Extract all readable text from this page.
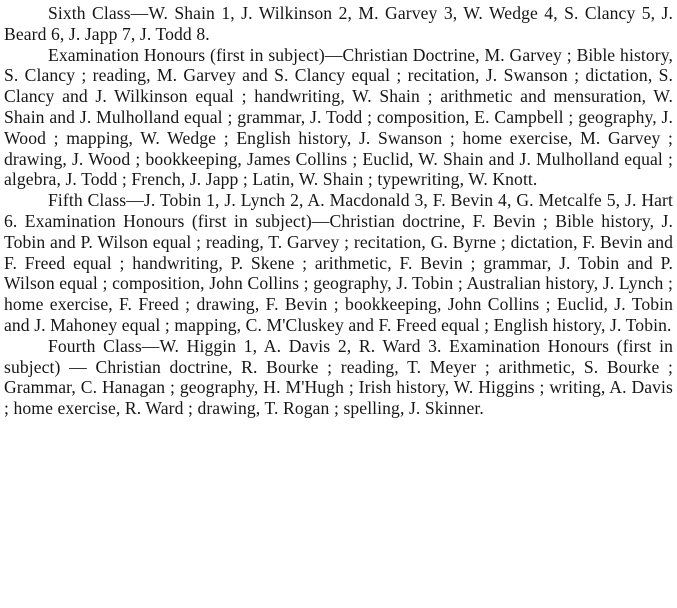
Sixth Class—W. Shain 1, J. Wilkinson 2, M. Garvey 3, W. Wedge 4, S. Clancy 5, J. Beard 6, J. Japp 7, J. Todd 8.

Examination Honours (first in subject)—Christian Doctrine, M. Garvey ; Bible history, S. Clancy ; reading, M. Garvey and S. Clancy equal ; recitation, J. Swanson ; dictation, S. Clancy and J. Wilkinson equal ; handwriting, W. Shain ; arithmetic and mensuration, W. Shain and J. Mulholland equal ; grammar, J. Todd ; composition, E. Campbell ; geography, J. Wood ; mapping, W. Wedge ; English history, J. Swanson ; home exercise, M. Garvey ; drawing, J. Wood ; bookkeeping, James Collins ; Euclid, W. Shain and J. Mulholland equal ; algebra, J. Todd ; French, J. Japp ; Latin, W. Shain ; typewriting, W. Knott.

Fifth Class—J. Tobin 1, J. Lynch 2, A. Macdonald 3, F. Bevin 4, G. Metcalfe 5, J. Hart 6. Examination Honours (first in subject)—Christian doctrine, F. Bevin ; Bible history, J. Tobin and P. Wilson equal ; reading, T. Garvey ; recitation, G. Byrne ; dictation, F. Bevin and F. Freed equal ; handwriting, P. Skene ; arithmetic, F. Bevin ; grammar, J. Tobin and P. Wilson equal ; composition, John Collins ; geography, J. Tobin ; Australian history, J. Lynch ; home exercise, F. Freed ; drawing, F. Bevin ; bookkeeping, John Collins ; Euclid, J. Tobin and J. Mahoney equal ; mapping, C. M'Cluskey and F. Freed equal ; English history, J. Tobin.

Fourth Class—W. Higgin 1, A. Davis 2, R. Ward 3. Examination Honours (first in subject) — Christian doctrine, R. Bourke ; reading, T. Meyer ; arithmetic, S. Bourke ; Grammar, C. Hanagan ; geography, H. M'Hugh ; Irish history, W. Higgins ; writing, A. Davis ; home exercise, R. Ward ; drawing, T. Rogan ; spelling, J. Skinner.
